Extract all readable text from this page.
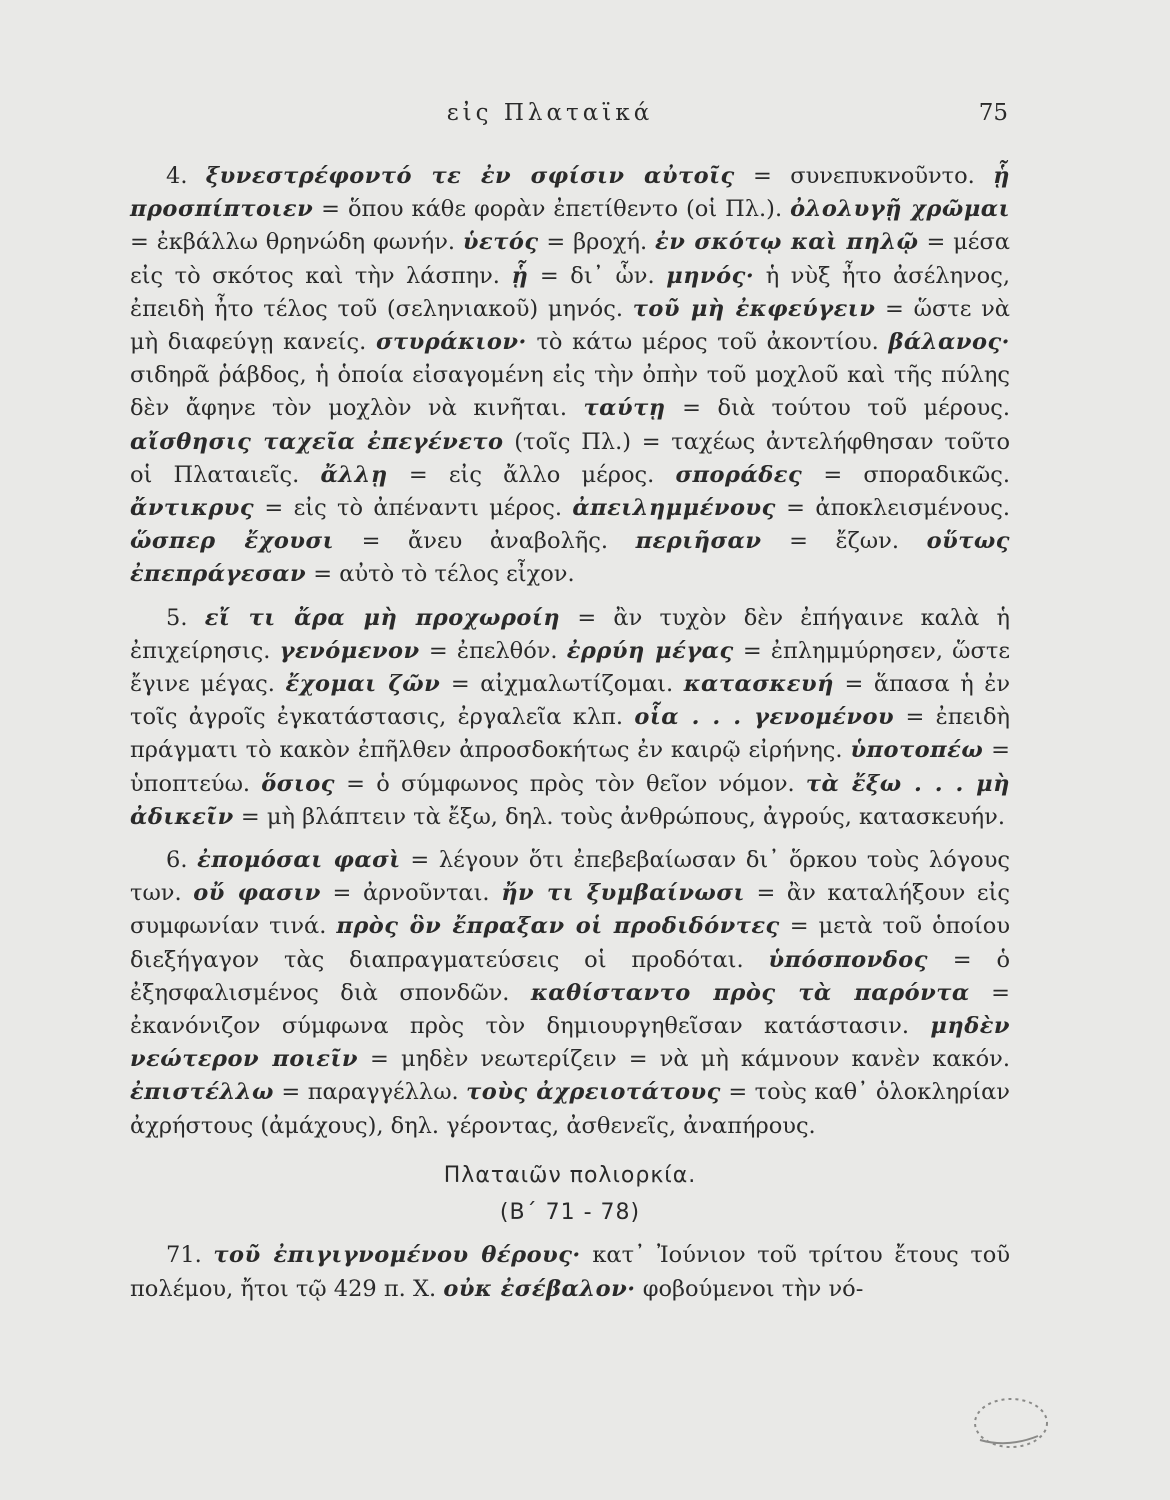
εἰς Πλαταϊκά	75

4. ξυνεστρέφοντό τε ἐν σφίσιν αὐτοῖς = συνεπυκνοῦντο. ᾗ προσπίπτοιεν = ὅπου κάθε φορὰν ἐπετίθεντο (οἱ Πλ.). ὀλολυγῇ χρῶμαι = ἐκβάλλω θρηνώδη φωνήν. ὑετός = βροχή. ἐν σκότῳ καὶ πηλῷ = μέσα εἰς τὸ σκότος καὶ τὴν λάσπην. ᾗ = δι᾿ ὧν. μηνός· ἡ νὺξ ἦτο ἀσέληνος, ἐπειδὴ ἦτο τέλος τοῦ (σεληνιακοῦ) μηνός. τοῦ μὴ ἐκφεύγειν = ὥστε νὰ μὴ διαφεύγῃ κανείς. στυράκιον· τὸ κάτω μέρος τοῦ ἀκοντίου. βάλανος· σιδηρᾶ ῥάβδος, ἡ ὁποία εἰσαγομένη εἰς τὴν ὀπὴν τοῦ μοχλοῦ καὶ τῆς πύλης δὲν ἄφηνε τὸν μοχλὸν νὰ κινῆται. ταύτῃ = διὰ τούτου τοῦ μέρους. αἴσθησις ταχεῖα ἐπεγένετο (τοῖς Πλ.) = ταχέως ἀντελήφθησαν τοῦτο οἱ Πλαταιεῖς. ἄλλῃ = εἰς ἄλλο μέρος. σποράδες = σποραδικῶς. ἄντικρυς = εἰς τὸ ἀπέναντι μέρος. ἀπειλημμένους = ἀποκλεισμένους. ὥσπερ ἔχουσι = ἄνευ ἀναβολῆς. περιῆσαν = ἔζων. οὕτως ἐπεπράγεσαν = αὐτὸ τὸ τέλος εἶχον.

5. εἴ τι ἄρα μὴ προχωροίη = ἂν τυχὸν δὲν ἐπήγαινε καλὰ ἡ ἐπιχείρησις. γενόμενον = ἐπελθόν. ἐρρύη μέγας = ἐπλημμύρησεν, ὥστε ἔγινε μέγας. ἔχομαι ζῶν = αἰχμαλωτίζομαι. κατασκευή = ἅπασα ἡ ἐν τοῖς ἀγροῖς ἐγκατάστασις, ἐργαλεῖα κλπ. οἷα . . . γενομένου = ἐπειδὴ πράγματι τὸ κακὸν ἐπῆλθεν ἀπροσδοκήτως ἐν καιρῷ εἰρήνης. ὑποτοπέω = ὑποπτεύω. ὅσιος = ὁ σύμφωνος πρὸς τὸν θεῖον νόμον. τὰ ἔξω . . . μὴ ἀδικεῖν = μὴ βλάπτειν τὰ ἔξω, δηλ. τοὺς ἀνθρώπους, ἀγρούς, κατασκευήν.

6. ἐπομόσαι φασὶ = λέγουν ὅτι ἐπεβεβαίωσαν δι᾿ ὅρκου τοὺς λόγους των. οὔ φασιν = ἀρνοῦνται. ἤν τι ξυμβαίνωσι = ἂν καταλήξουν εἰς συμφωνίαν τινά. πρὸς ὃν ἔπραξαν οἱ προδιδόντες = μετὰ τοῦ ὁποίου διεξήγαγον τὰς διαπραγματεύσεις οἱ προδόται. ὑπόσπονδος = ὁ ἐξησφαλισμένος διὰ σπονδῶν. καθίσταντο πρὸς τὰ παρόντα = ἐκανόνιζον σύμφωνα πρὸς τὸν δημιουργηθεῖσαν κατάστασιν. μηδὲν νεώτερον ποιεῖν = μηδὲν νεωτερίζειν = νὰ μὴ κάμνουν κανὲν κακόν. ἐπιστέλλω = παραγγέλλω. τοὺς ἀχρειοτάτους = τοὺς καθ᾿ ὁλοκληρίαν ἀχρήστους (ἀμάχους), δηλ. γέροντας, ἀσθενεῖς, ἀναπήρους.

Πλαταιῶν πολιορκία.
(Β΄ 71 - 78)

71. τοῦ ἐπιγιγνομένου θέρους· κατ᾿ Ἰούνιον τοῦ τρίτου ἔτους τοῦ πολέμου, ἤτοι τῷ 429 π. Χ. οὐκ ἐσέβαλον· φοβούμενοι τὴν νό-
